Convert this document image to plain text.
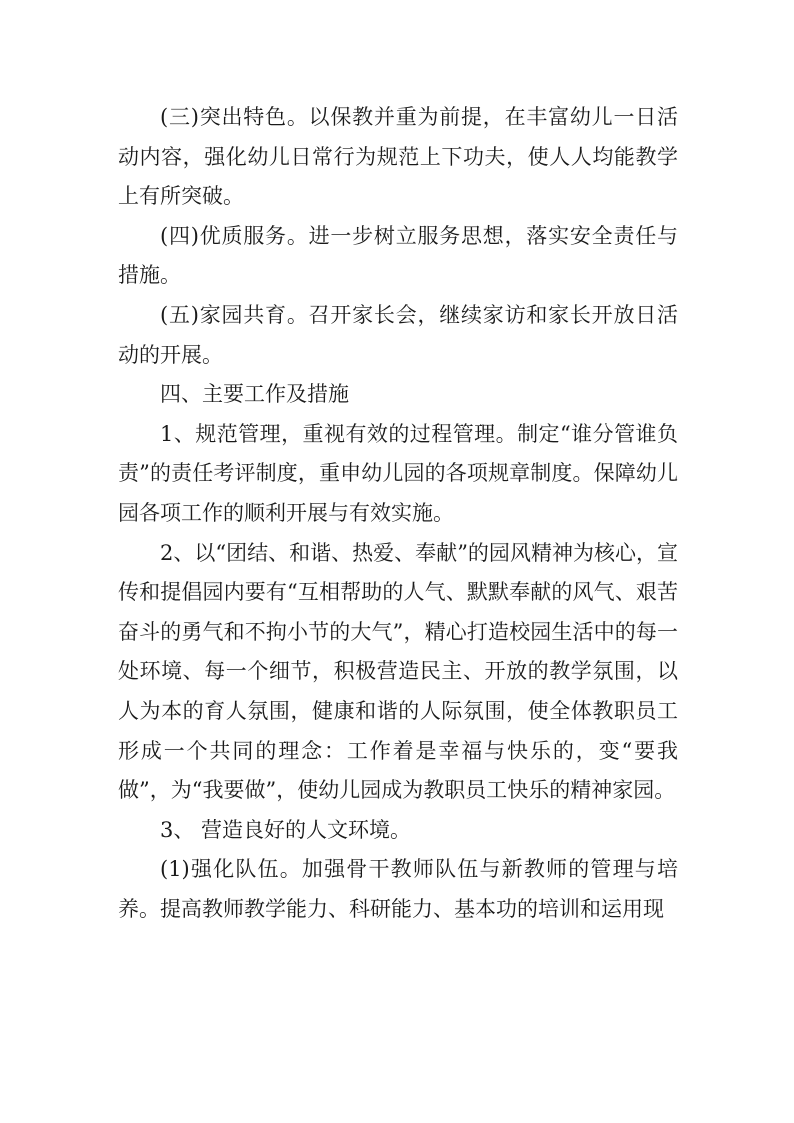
(三)突出特色。以保教并重为前提，在丰富幼儿一日活动内容，强化幼儿日常行为规范上下功夫，使人人均能教学上有所突破。

(四)优质服务。进一步树立服务思想，落实安全责任与措施。

(五)家园共育。召开家长会，继续家访和家长开放日活动的开展。

四、主要工作及措施

1、规范管理，重视有效的过程管理。制定“谁分管谁负责”的责任考评制度，重申幼儿园的各项规章制度。保障幼儿园各项工作的顺利开展与有效实施。

2、以“团结、和谐、热爱、奉献”的园风精神为核心，宣传和提倡园内要有“互相帮助的人气、默默奉献的风气、艰苦奋斗的勇气和不拘小节的大气”，精心打造校园生活中的每一处环境、每一个细节，积极营造民主、开放的教学氛围，以人为本的育人氛围，健康和谐的人际氛围，使全体教职员工形成一个共同的理念：工作着是幸福与快乐的，变“要我做”，为“我要做”，使幼儿园成为教职员工快乐的精神家园。

3、 营造良好的人文环境。

(1)强化队伍。加强骨干教师队伍与新教师的管理与培养。提高教师教学能力、科研能力、基本功的培训和运用现
